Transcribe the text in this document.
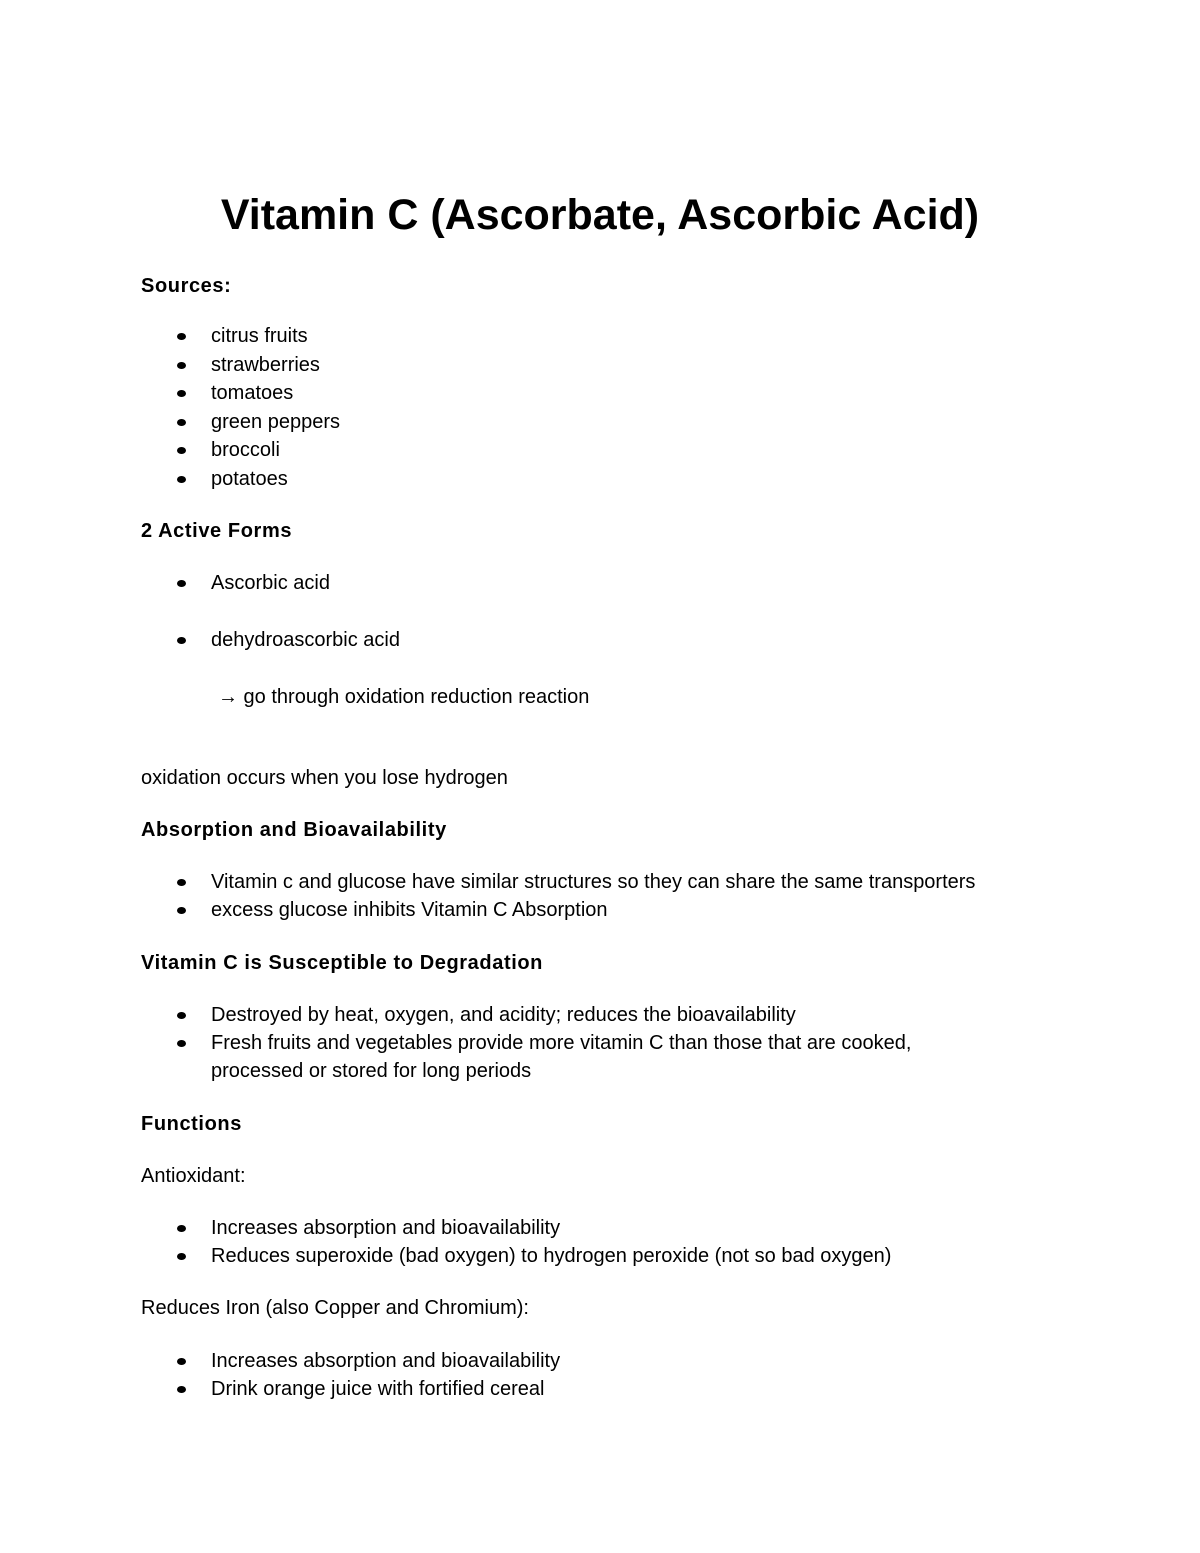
Vitamin C (Ascorbate, Ascorbic Acid)
Sources:
citrus fruits
strawberries
tomatoes
green peppers
broccoli
potatoes
2 Active Forms
Ascorbic acid
dehydroascorbic acid
→ go through oxidation reduction reaction
oxidation occurs when you lose hydrogen
Absorption and Bioavailability
Vitamin c and glucose have similar structures so they can share the same transporters
excess glucose inhibits Vitamin C Absorption
Vitamin C is Susceptible to Degradation
Destroyed by heat, oxygen, and acidity; reduces the bioavailability
Fresh fruits and vegetables provide more vitamin C than those that are cooked,
processed or stored for long periods
Functions
Antioxidant:
Increases absorption and bioavailability
Reduces superoxide (bad oxygen) to hydrogen peroxide (not so bad oxygen)
Reduces Iron (also Copper and Chromium):
Increases absorption and bioavailability
Drink orange juice with fortified cereal
